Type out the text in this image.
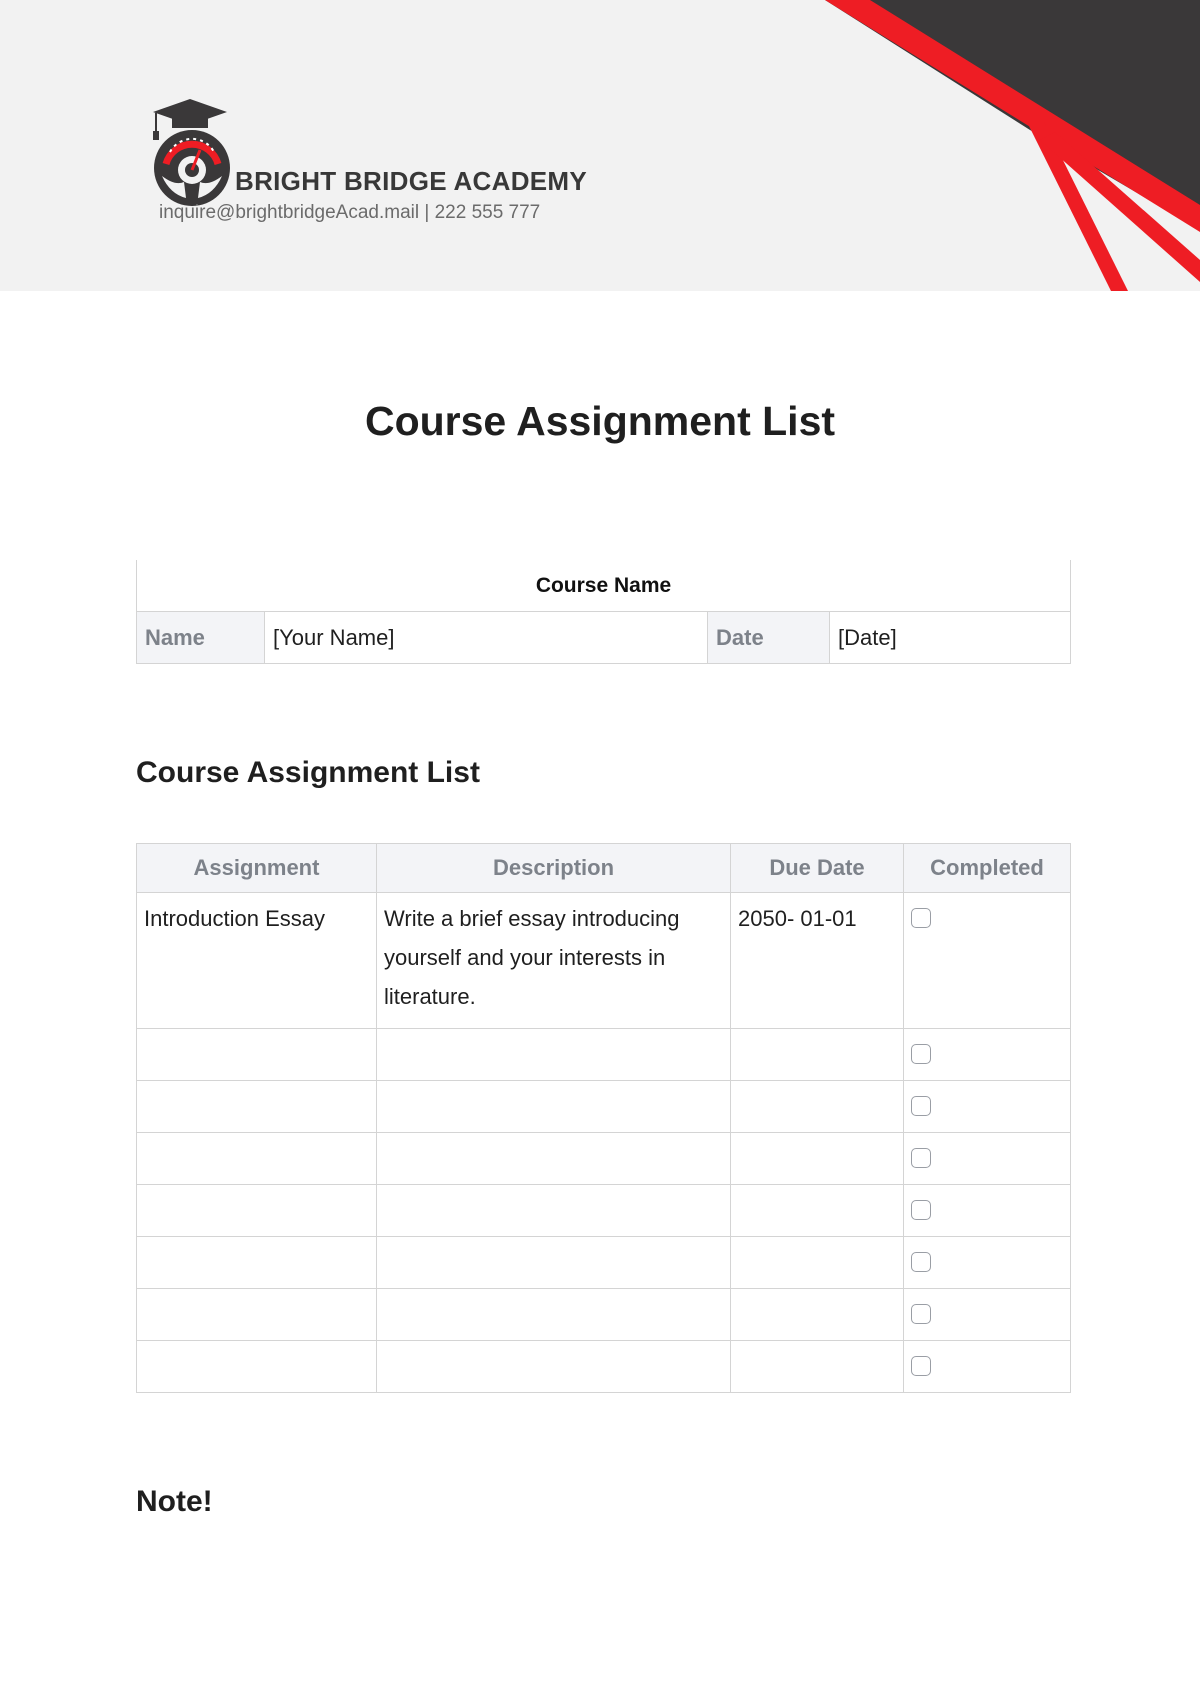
BRIGHT BRIDGE ACADEMY
inquire@brightbridgeAcad.mail | 222 555 777
Course Assignment List
Course Name
Name	[Your Name]	Date	[Date]
Course Assignment List
Assignment	Description	Due Date	Completed
Introduction Essay	Write a brief essay introducing yourself and your interests in literature.	2050- 01-01	

Note!
